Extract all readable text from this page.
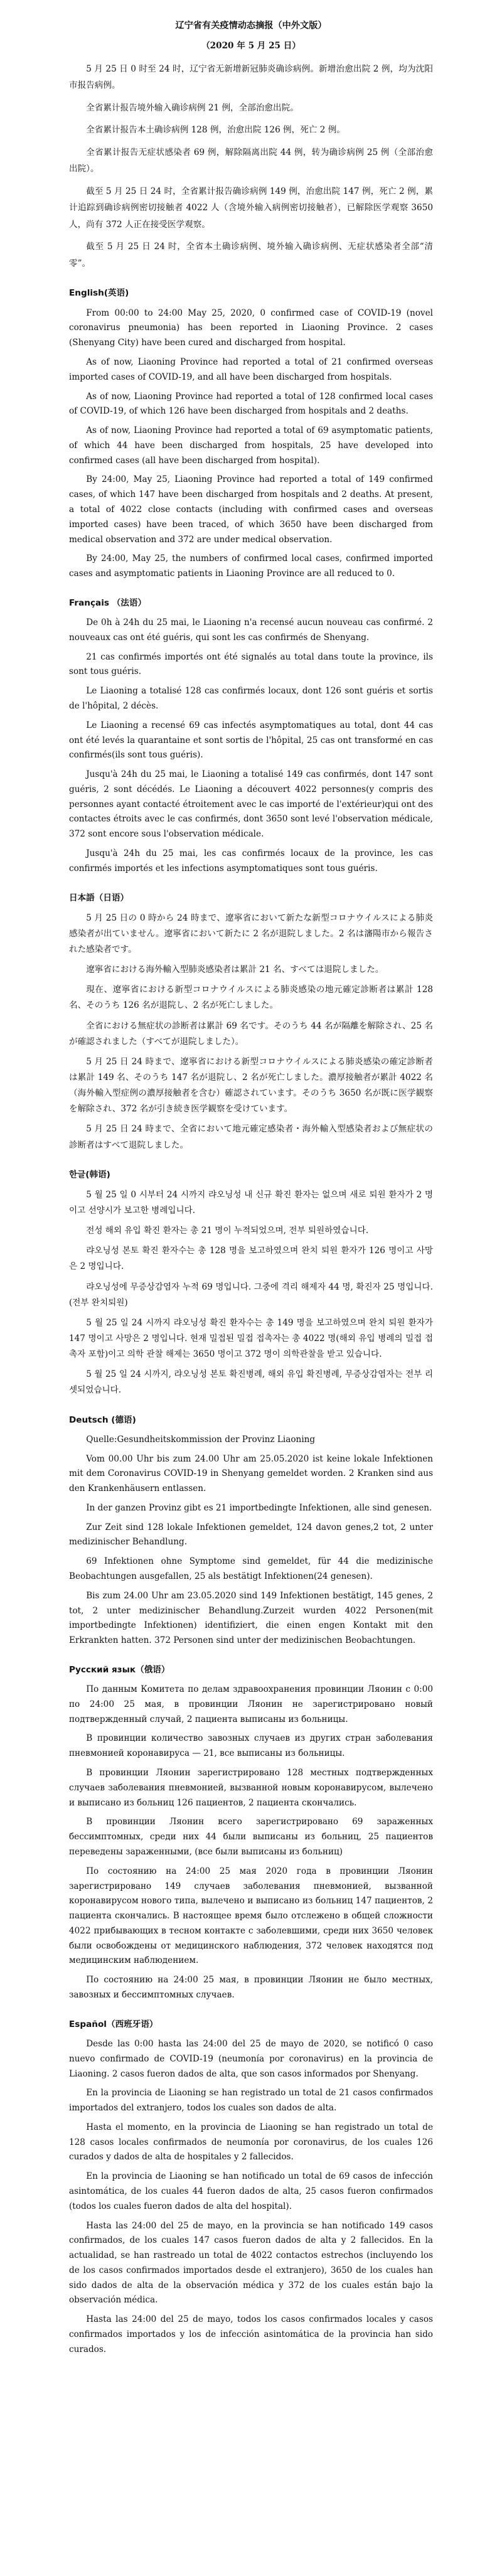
辽宁省有关疫情动态摘报（中外文版）
（2020 年 5 月 25 日）

5 月 25 日 0 时至 24 时，辽宁省无新增新冠肺炎确诊病例。新增治愈出院 2 例，均为沈阳市报告病例。

全省累计报告境外输入确诊病例 21 例，全部治愈出院。

全省累计报告本土确诊病例 128 例，治愈出院 126 例，死亡 2 例。

全省累计报告无症状感染者 69 例，解除隔离出院 44 例，转为确诊病例 25 例（全部治愈出院）。

截至 5 月 25 日 24 时，全省累计报告确诊病例 149 例，治愈出院 147 例，死亡 2 例，累计追踪到确诊病例密切接触者 4022 人（含境外输入病例密切接触者），已解除医学观察 3650 人，尚有 372 人正在接受医学观察。

截至 5 月 25 日 24 时，全省本土确诊病例、境外输入确诊病例、无症状感染者全部“清零”。

English(英语)

From 00:00 to 24:00 May 25, 2020, 0 confirmed case of COVID-19 (novel coronavirus pneumonia) has been reported in Liaoning Province. 2 cases (Shenyang City) have been cured and discharged from hospital.

As of now, Liaoning Province had reported a total of 21 confirmed overseas imported cases of COVID-19, and all have been discharged from hospitals.

As of now, Liaoning Province had reported a total of 128 confirmed local cases of COVID-19, of which 126 have been discharged from hospitals and 2 deaths.

As of now, Liaoning Province had reported a total of 69 asymptomatic patients, of which 44 have been discharged from hospitals, 25 have developed into confirmed cases (all have been discharged from hospital).

By 24:00, May 25, Liaoning Province had reported a total of 149 confirmed cases, of which 147 have been discharged from hospitals and 2 deaths. At present, a total of 4022 close contacts (including with confirmed cases and overseas imported cases) have been traced, of which 3650 have been discharged from medical observation and 372 are under medical observation.

By 24:00, May 25, the numbers of confirmed local cases, confirmed imported cases and asymptomatic patients in Liaoning Province are all reduced to 0.

Français （法语）

De 0h à 24h du 25 mai, le Liaoning n'a recensé aucun nouveau cas confirmé. 2 nouveaux cas ont été guéris, qui sont les cas confirmés de Shenyang.

21 cas confirmés importés ont été signalés au total dans toute la province, ils sont tous guéris.

Le Liaoning a totalisé 128 cas confirmés locaux, dont 126 sont guéris et sortis de l'hôpital, 2 décès.

Le Liaoning a recensé 69 cas infectés asymptomatiques au total, dont 44 cas ont été levés la quarantaine et sont sortis de l'hôpital, 25 cas ont transformé en cas confirmés(ils sont tous guéris).

Jusqu'à 24h du 25 mai, le Liaoning a totalisé 149 cas confirmés, dont 147 sont guéris, 2 sont décédés. Le Liaoning a découvert 4022 personnes(y compris des personnes ayant contacté étroitement avec le cas importé de l'extérieur)qui ont des contactes étroits avec le cas confirmés, dont 3650 sont levé l'observation médicale, 372 sont encore sous l'observation médicale.

Jusqu'à 24h du 25 mai, les cas confirmés locaux de la province, les cas confirmés importés et les infections asymptomatiques sont tous guéris.

日本語（日语）

5 月 25 日の 0 時から 24 時まで、遼寧省において新たな新型コロナウイルスによる肺炎感染者が出ていません。遼寧省において新たに 2 名が退院しました。2 名は瀋陽市から報告された感染者です。

遼寧省における海外輸入型肺炎感染者は累計 21 名、すべては退院しました。

現在、遼寧省における新型コロナウイルスによる肺炎感染の地元確定診断者は累計 128 名、そのうち 126 名が退院し、2 名が死亡しました。

全省における無症状の診断者は累計 69 名です。そのうち 44 名が隔離を解除され、25 名が確認されました（すべてが退院しました）。

5 月 25 日 24 時まで、遼寧省における新型コロナウイルスによる肺炎感染の確定診断者は累計 149 名、そのうち 147 名が退院し、2 名が死亡しました。濃厚接触者が累計 4022 名（海外輸入型症例の濃厚接触者を含む）確認されています。そのうち 3650 名が既に医学観察を解除され、372 名が引き続き医学観察を受けています。

5 月 25 日 24 時まで、全省において地元確定感染者・海外輸入型感染者および無症状の診断者はすべて退院しました。

한글(韩语)

5 월 25 일 0 시부터 24 시까지 랴오닝성 내 신규 확진 환자는 없으며 새로 퇴원 환자가 2 명이고 선양시가 보고한 병례입니다.

전성 해외 유입 확진 환자는 총 21 명이 누적되었으며, 전부 퇴원하였습니다.

랴오닝성 본토 확진 환자수는 총 128 명을 보고하였으며 완치 퇴원 환자가 126 명이고 사망은 2 명입니다.

랴오닝성에 무증상감염자 누적 69 명입니다. 그중에 격리 해제자 44 명, 확진자 25 명입니다. (전부 완치퇴원)

5 월 25 일 24 시까지 랴오닝성 확진 환자수는 총 149 명을 보고하였으며 완치 퇴원 환자가 147 명이고 사망은 2 명입니다. 현재 밀접된 밀접 접촉자는 총 4022 명(해외 유입 병례의 밀접 접촉자 포함)이고 의학 관찰 해제는 3650 명이고 372 명이 의학관찰을 받고 있습니다.

5 월 25 일 24 시까지, 랴오닝성 본토 확진병례, 해외 유입 확진병례, 무증상감염자는 전부 리셋되었습니다.

Deutsch (德语)

Quelle:Gesundheitskommission der Provinz Liaoning

Vom 00.00 Uhr bis zum 24.00 Uhr am 25.05.2020 ist keine lokale Infektionen mit dem Coronavirus COVID-19 in Shenyang gemeldet worden. 2 Kranken sind aus den Krankenhäusern entlassen.

In der ganzen Provinz gibt es 21 importbedingte Infektionen, alle sind genesen.

Zur Zeit sind 128 lokale Infektionen gemeldet, 124 davon genes,2 tot, 2 unter medizinischer Behandlung.

69 Infektionen ohne Symptome sind gemeldet, für 44 die medizinische Beobachtungen ausgefallen, 25 als bestätigt Infektionen(24 genesen).

Bis zum 24.00 Uhr am 23.05.2020 sind 149 Infektionen bestätigt, 145 genes, 2 tot, 2 unter medizinischer Behandlung.Zurzeit wurden 4022 Personen(mit importbedingte Infektionen) identifiziert, die einen engen Kontakt mit den Erkrankten hatten. 372 Personen sind unter der medizinischen Beobachtungen.

Русский язык（俄语）

По данным Комитета по делам здравоохранения провинции Ляонин с 0:00 по 24:00 25 мая, в провинции Ляонин не зарегистрировано новый подтвержденный случай, 2 пациента выписаны из больницы.

В провинции количество завозных случаев из других стран заболевания пневмонией коронавируса — 21, все выписаны из больницы.

В провинции Ляонин зарегистрировано 128 местных подтвержденных случаев заболевания пневмонией, вызванной новым коронавирусом, вылечено и выписано из больниц 126 пациентов, 2 пациента скончались.

В провинции Ляонин всего зарегистрировано 69 зараженных бессимптомных, среди них 44 были выписаны из больниц, 25 пациентов переведены зараженными, (все были выписаны из больниц)

По состоянию на 24:00 25 мая 2020 года в провинции Ляонин зарегистрировано 149 случаев заболевания пневмонией, вызванной коронавирусом нового типа, вылечено и выписано из больниц 147 пациентов, 2 пациента скончались. В настоящее время было отслежено в общей сложности 4022 прибывающих в тесном контакте с заболевшими, среди них 3650 человек были освобождены от медицинского наблюдения, 372 человек находятся под медицинским наблюдением.

По состоянию на 24:00 25 мая, в провинции Ляонин не было местных, завозных и бессимптомных случаев.

Español（西班牙语）

Desde las 0:00 hasta las 24:00 del 25 de mayo de 2020, se notificó 0 caso nuevo confirmado de COVID-19 (neumonía por coronavirus) en la provincia de Liaoning. 2 casos fueron dados de alta, que son casos informados por Shenyang.

En la provincia de Liaoning se han registrado un total de 21 casos confirmados importados del extranjero, todos los cuales son dados de alta.

Hasta el momento, en la provincia de Liaoning se han registrado un total de 128 casos locales confirmados de neumonía por coronavirus, de los cuales 126 curados y dados de alta de hospitales y 2 fallecidos.

En la provincia de Liaoning se han notificado un total de 69 casos de infección asintomática, de los cuales 44 fueron dados de alta, 25 casos fueron confirmados (todos los cuales fueron dados de alta del hospital).

Hasta las 24:00 del 25 de mayo, en la provincia se han notificado 149 casos confirmados, de los cuales 147 casos fueron dados de alta y 2 fallecidos. En la actualidad, se han rastreado un total de 4022 contactos estrechos (incluyendo los de los casos confirmados importados desde el extranjero), 3650 de los cuales han sido dados de alta de la observación médica y 372 de los cuales están bajo la observación médica.

Hasta las 24:00 del 25 de mayo, todos los casos confirmados locales y casos confirmados importados y los de infección asintomática de la provincia han sido curados.
